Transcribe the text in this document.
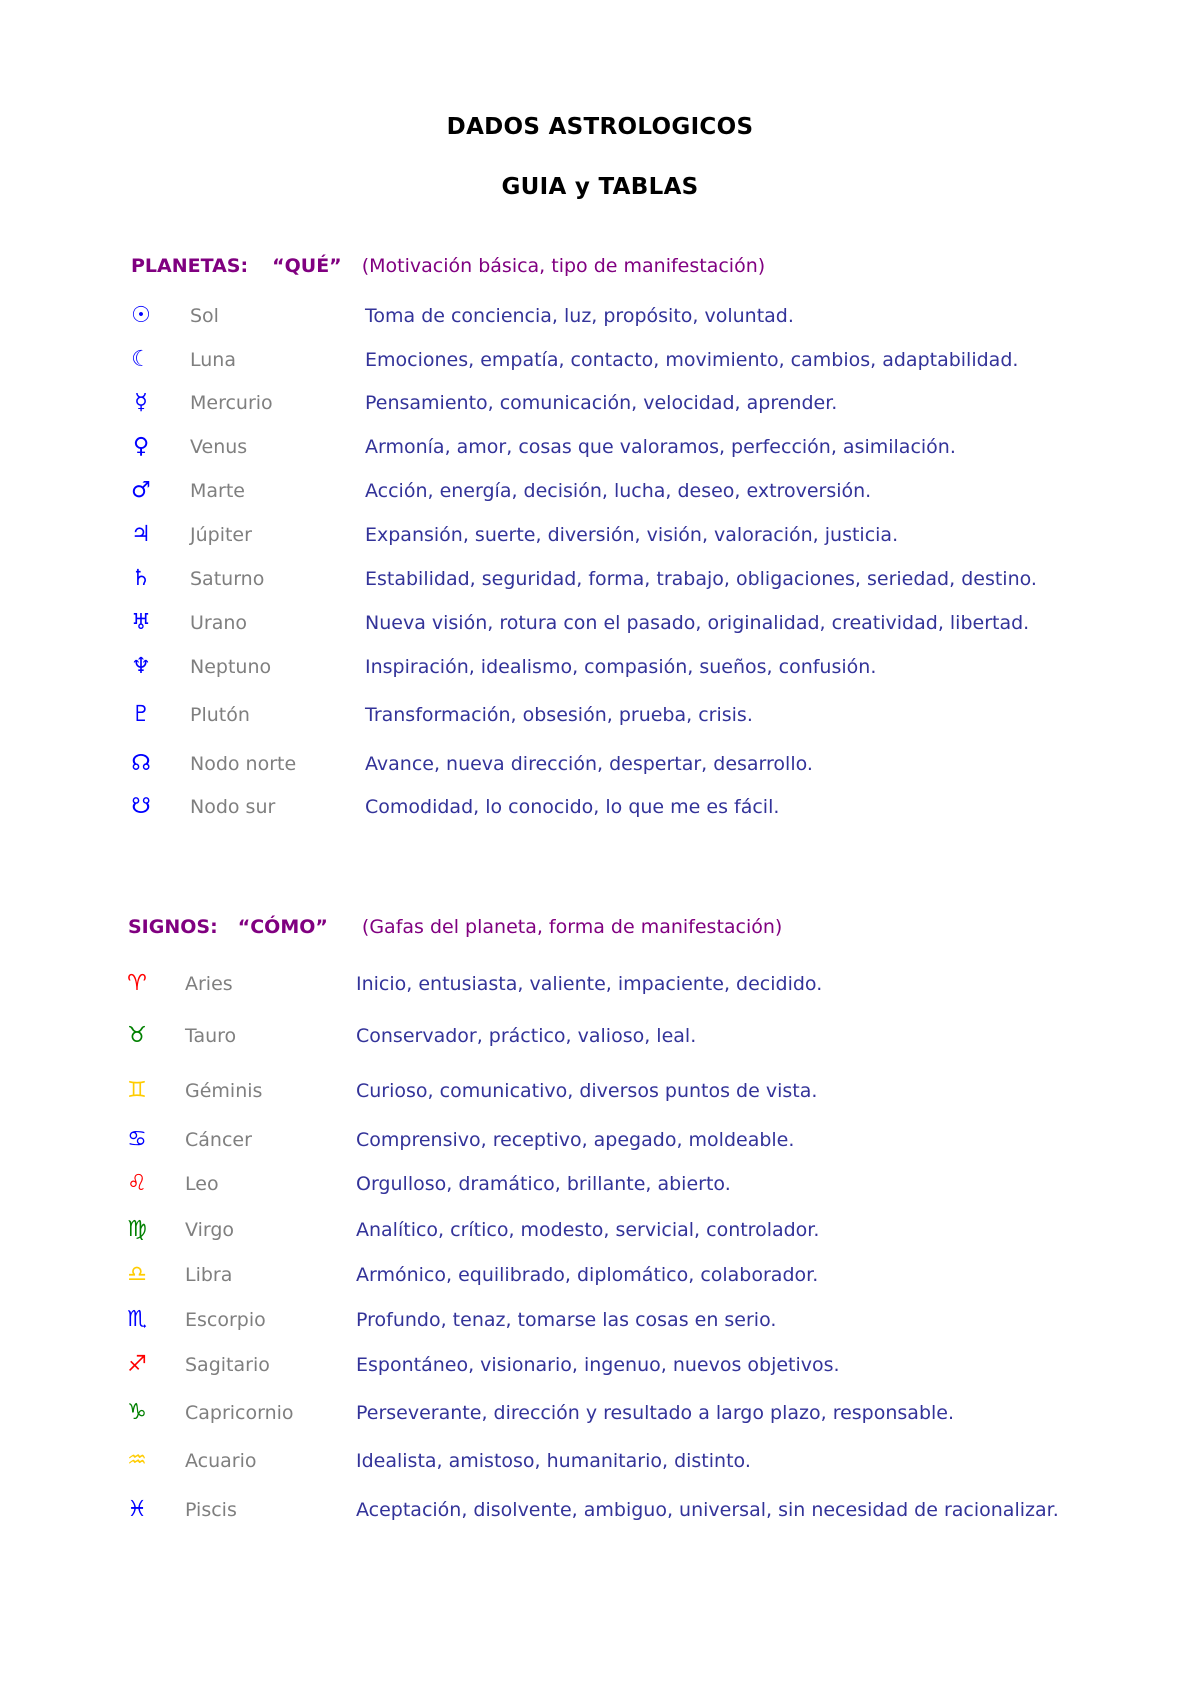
DADOS ASTROLOGICOS
GUIA y TABLAS
PLANETAS: “QUÉ” (Motivación básica, tipo de manifestación)
☉	Sol	Toma de conciencia, luz, propósito, voluntad.
☾	Luna	Emociones, empatía, contacto, movimiento, cambios, adaptabilidad.
☿	Mercurio	Pensamiento, comunicación, velocidad, aprender.
♀	Venus	Armonía, amor, cosas que valoramos, perfección, asimilación.
♂	Marte	Acción, energía, decisión, lucha, deseo, extroversión.
♃	Júpiter	Expansión, suerte, diversión, visión, valoración, justicia.
♄	Saturno	Estabilidad, seguridad, forma, trabajo, obligaciones, seriedad, destino.
♅	Urano	Nueva visión, rotura con el pasado, originalidad, creatividad, libertad.
♆	Neptuno	Inspiración, idealismo, compasión, sueños, confusión.
♇	Plutón	Transformación, obsesión, prueba, crisis.
☊	Nodo norte	Avance, nueva dirección, despertar, desarrollo.
☋	Nodo sur	Comodidad, lo conocido, lo que me es fácil.
SIGNOS: “CÓMO” (Gafas del planeta, forma de manifestación)
♈	Aries	Inicio, entusiasta, valiente, impaciente, decidido.
♉	Tauro	Conservador, práctico, valioso, leal.
♊	Géminis	Curioso, comunicativo, diversos puntos de vista.
♋	Cáncer	Comprensivo, receptivo, apegado, moldeable.
♌	Leo	Orgulloso, dramático, brillante, abierto.
♍	Virgo	Analítico, crítico, modesto, servicial, controlador.
♎	Libra	Armónico, equilibrado, diplomático, colaborador.
♏	Escorpio	Profundo, tenaz, tomarse las cosas en serio.
♐	Sagitario	Espontáneo, visionario, ingenuo, nuevos objetivos.
♑	Capricornio	Perseverante, dirección y resultado a largo plazo, responsable.
♒	Acuario	Idealista, amistoso, humanitario, distinto.
♓	Piscis	Aceptación, disolvente, ambiguo, universal, sin necesidad de racionalizar.
